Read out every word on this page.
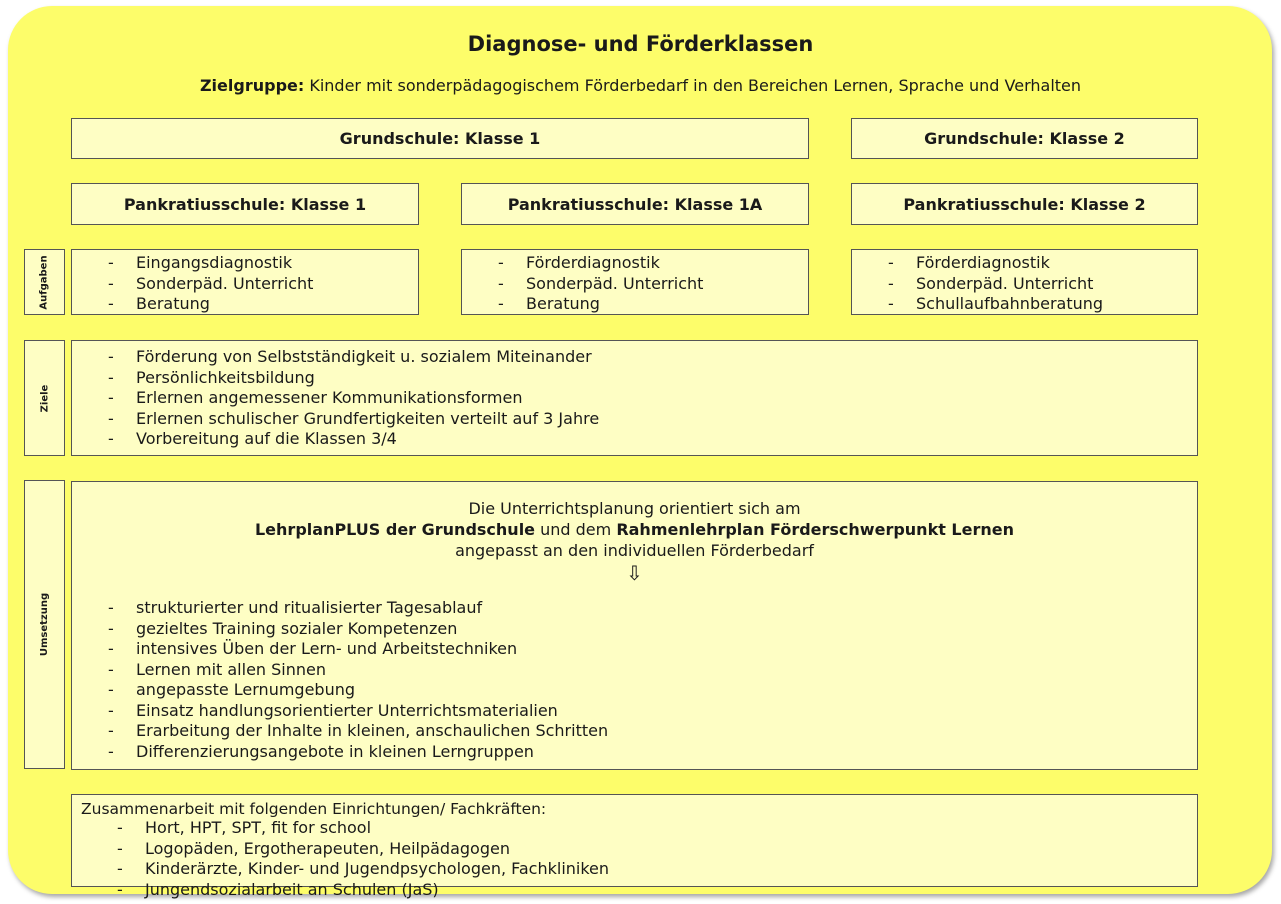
Diagnose- und Förderklassen
Zielgruppe: Kinder mit sonderpädagogischem Förderbedarf in den Bereichen Lernen, Sprache und Verhalten
Grundschule: Klasse 1	Grundschule: Klasse 2
Pankratiusschule: Klasse 1	Pankratiusschule: Klasse 1A	Pankratiusschule: Klasse 2
Aufgaben
-	Eingangsdiagnostik
- Sonderpäd. Unterricht
- Beratung
- Förderdiagnostik
- Sonderpäd. Unterricht
- Beratung
- Förderdiagnostik
- Sonderpäd. Unterricht
- Schullaufbahnberatung
Ziele
- Förderung von Selbstständigkeit u. sozialem Miteinander
- Persönlichkeitsbildung
- Erlernen angemessener Kommunikationsformen
- Erlernen schulischer Grundfertigkeiten verteilt auf 3 Jahre
- Vorbereitung auf die Klassen 3/4
Umsetzung
Die Unterrichtsplanung orientiert sich am
LehrplanPLUS der Grundschule und dem Rahmenlehrplan Förderschwerpunkt Lernen
angepasst an den individuellen Förderbedarf
⇩
- strukturierter und ritualisierter Tagesablauf
- gezieltes Training sozialer Kompetenzen
- intensives Üben der Lern- und Arbeitstechniken
- Lernen mit allen Sinnen
- angepasste Lernumgebung
- Einsatz handlungsorientierter Unterrichtsmaterialien
- Erarbeitung der Inhalte in kleinen, anschaulichen Schritten
- Differenzierungsangebote in kleinen Lerngruppen
Zusammenarbeit mit folgenden Einrichtungen/ Fachkräften:
- Hort, HPT, SPT, fit for school
- Logopäden, Ergotherapeuten, Heilpädagogen
- Kinderärzte, Kinder- und Jugendpsychologen, Fachkliniken
- Jungendsozialarbeit an Schulen (JaS)
